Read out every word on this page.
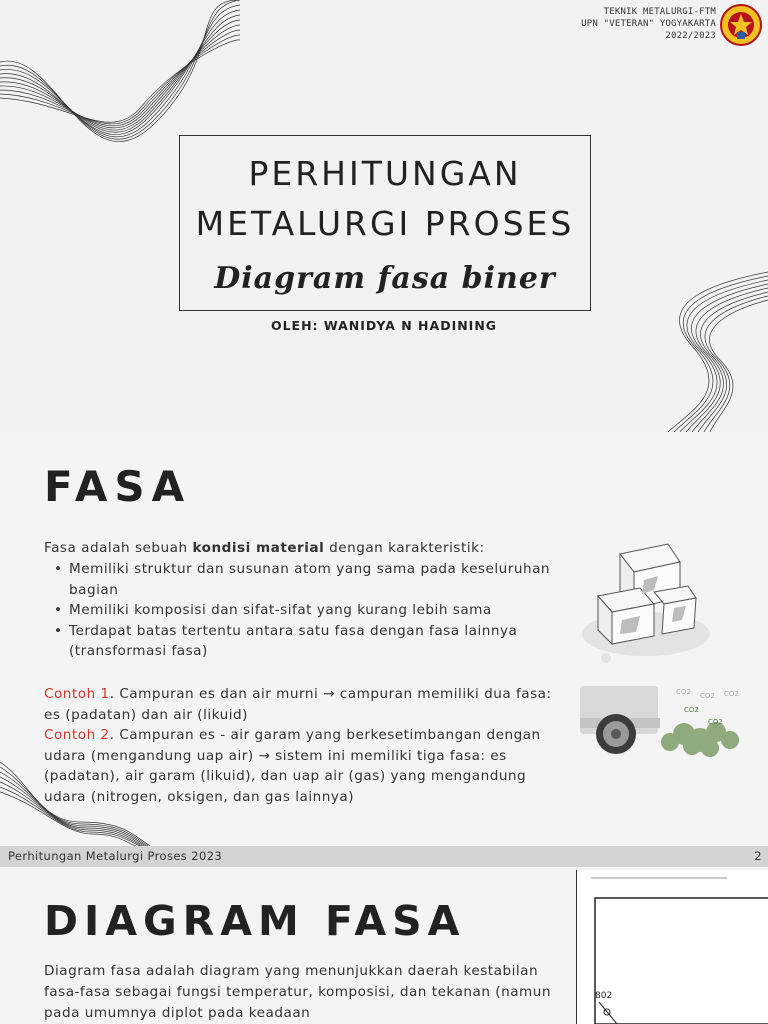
TEKNIK METALURGI-FTM
UPN "VETERAN" YOGYAKARTA
2022/2023
PERHITUNGAN
METALURGI PROSES
Diagram fasa biner
OLEH: WANIDYA N HADINING
FASA

Fasa adalah sebuah kondisi material dengan karakteristik:

• Memiliki struktur dan susunan atom yang sama pada keseluruhan bagian
• Memiliki komposisi dan sifat-sifat yang kurang lebih sama
• Terdapat batas tertentu antara satu fasa dengan fasa lainnya (transformasi fasa)

Contoh 1. Campuran es dan air murni → campuran memiliki dua fasa: es (padatan) dan air (likuid)

Contoh 2. Campuran es - air garam yang berkesetimbangan dengan udara (mengandung uap air) → sistem ini memiliki tiga fasa: es (padatan), air garam (likuid), dan uap air (gas) yang mengandung udara (nitrogen, oksigen, dan gas lainnya)

CO2 CO2 CO2
CO2
CO2
Perhitungan Metalurgi Proses 2023	2
DIAGRAM FASA

Diagram fasa adalah diagram yang menunjukkan daerah kestabilan fasa-fasa sebagai fungsi temperatur, komposisi, dan tekanan (namun pada umumnya diplot pada keadaan

802
